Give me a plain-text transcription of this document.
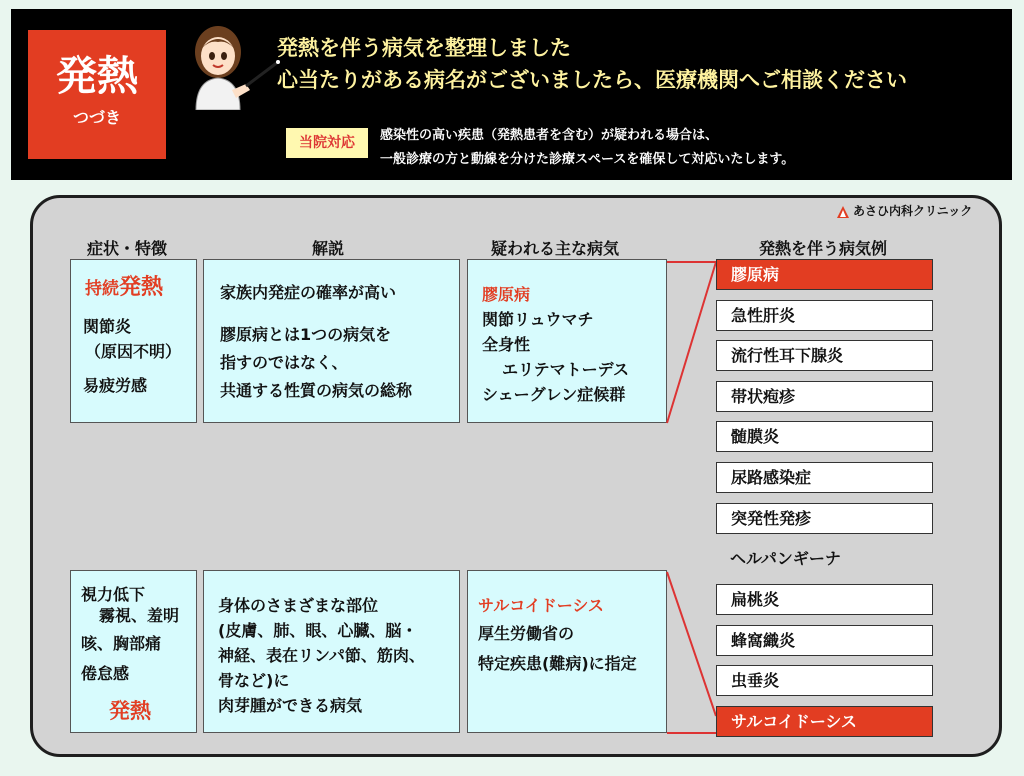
発熱
つづき
発熱を伴う病気を整理しました
心当たりがある病名がございましたら、医療機関へご相談ください
当院対応	感染性の高い疾患（発熱患者を含む）が疑われる場合は、
一般診療の方と動線を分けた診療スペースを確保して対応いたします。
あさひ内科クリニック
症状・特徴	解説	疑われる主な病気	発熱を伴う病気例
持続発熱
関節炎
（原因不明）
易疲労感
家族内発症の確率が高い
膠原病とは1つの病気を
指すのではなく、
共通する性質の病気の総称
膠原病
関節リュウマチ
全身性
エリテマトーデス
シェーグレン症候群
視力低下
霧視、羞明
咳、胸部痛
倦怠感
発熱
身体のさまざまな部位
(皮膚、肺、眼、心臓、脳・
神経、表在リンパ節、筋肉、
骨など)に
肉芽腫ができる病気
サルコイドーシス
厚生労働省の
特定疾患(難病)に指定
膠原病
急性肝炎
流行性耳下腺炎
帯状疱疹
髄膜炎
尿路感染症
突発性発疹
ヘルパンギーナ
扁桃炎
蜂窩織炎
虫垂炎
サルコイドーシス
